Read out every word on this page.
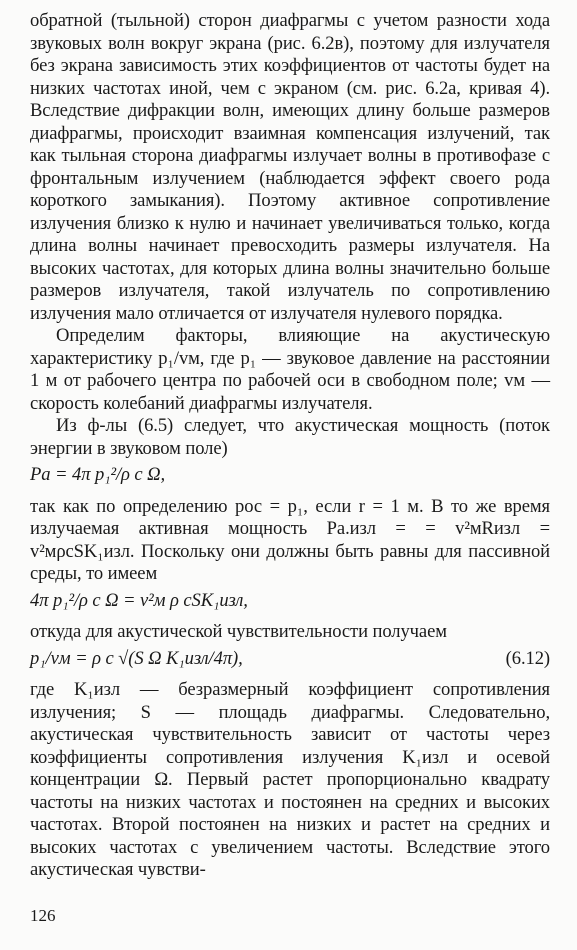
обратной (тыльной) сторон диафрагмы с учетом разности хода звуковых волн вокруг экрана (рис. 6.2в), поэтому для излучателя без экрана зависимость этих коэффициентов от частоты будет на низких частотах иной, чем с экраном (см. рис. 6.2а, кривая 4). Вследствие дифракции волн, имеющих длину больше размеров диафрагмы, происходит взаимная компенсация излучений, так как тыльная сторона диафрагмы излучает волны в противофазе с фронтальным излучением (наблюдается эффект своего рода короткого замыкания). Поэтому активное сопротивление излучения близко к нулю и начинает увеличиваться только, когда длина волны начинает превосходить размеры излучателя. На высоких частотах, для которых длина волны значительно больше размеров излучателя, такой излучатель по сопротивлению излучения мало отличается от излучателя нулевого порядка.

Определим факторы, влияющие на акустическую характеристику p₁/vм, где p₁ — звуковое давление на расстоянии 1 м от рабочего центра по рабочей оси в свободном поле; vм — скорость колебаний диафрагмы излучателя.

Из ф-лы (6.5) следует, что акустическая мощность (поток энергии в звуковом поле)

Pа = 4π p₁²/ρ c Ω,

так как по определению pос = p₁, если r = 1 м. В то же время излучаемая активная мощность Pа.изл = = v²мRизл = v²мρcSK₁изл. Поскольку они должны быть равны для пассивной среды, то имеем

4π p₁²/ρ c Ω = v²м ρ cSK₁изл,

откуда для акустической чувствительности получаем

p₁/vм = ρ c √(S Ω K₁изл/4π),	(6.12)

где K₁изл — безразмерный коэффициент сопротивления излучения; S — площадь диафрагмы. Следовательно, акустическая чувствительность зависит от частоты через коэффициенты сопротивления излучения K₁изл и осевой концентрации Ω. Первый растет пропорционально квадрату частоты на низких частотах и постоянен на средних и высоких частотах. Второй постоянен на низких и растет на средних и высоких частотах с увеличением частоты. Вследствие этого акустическая чувстви-

126
